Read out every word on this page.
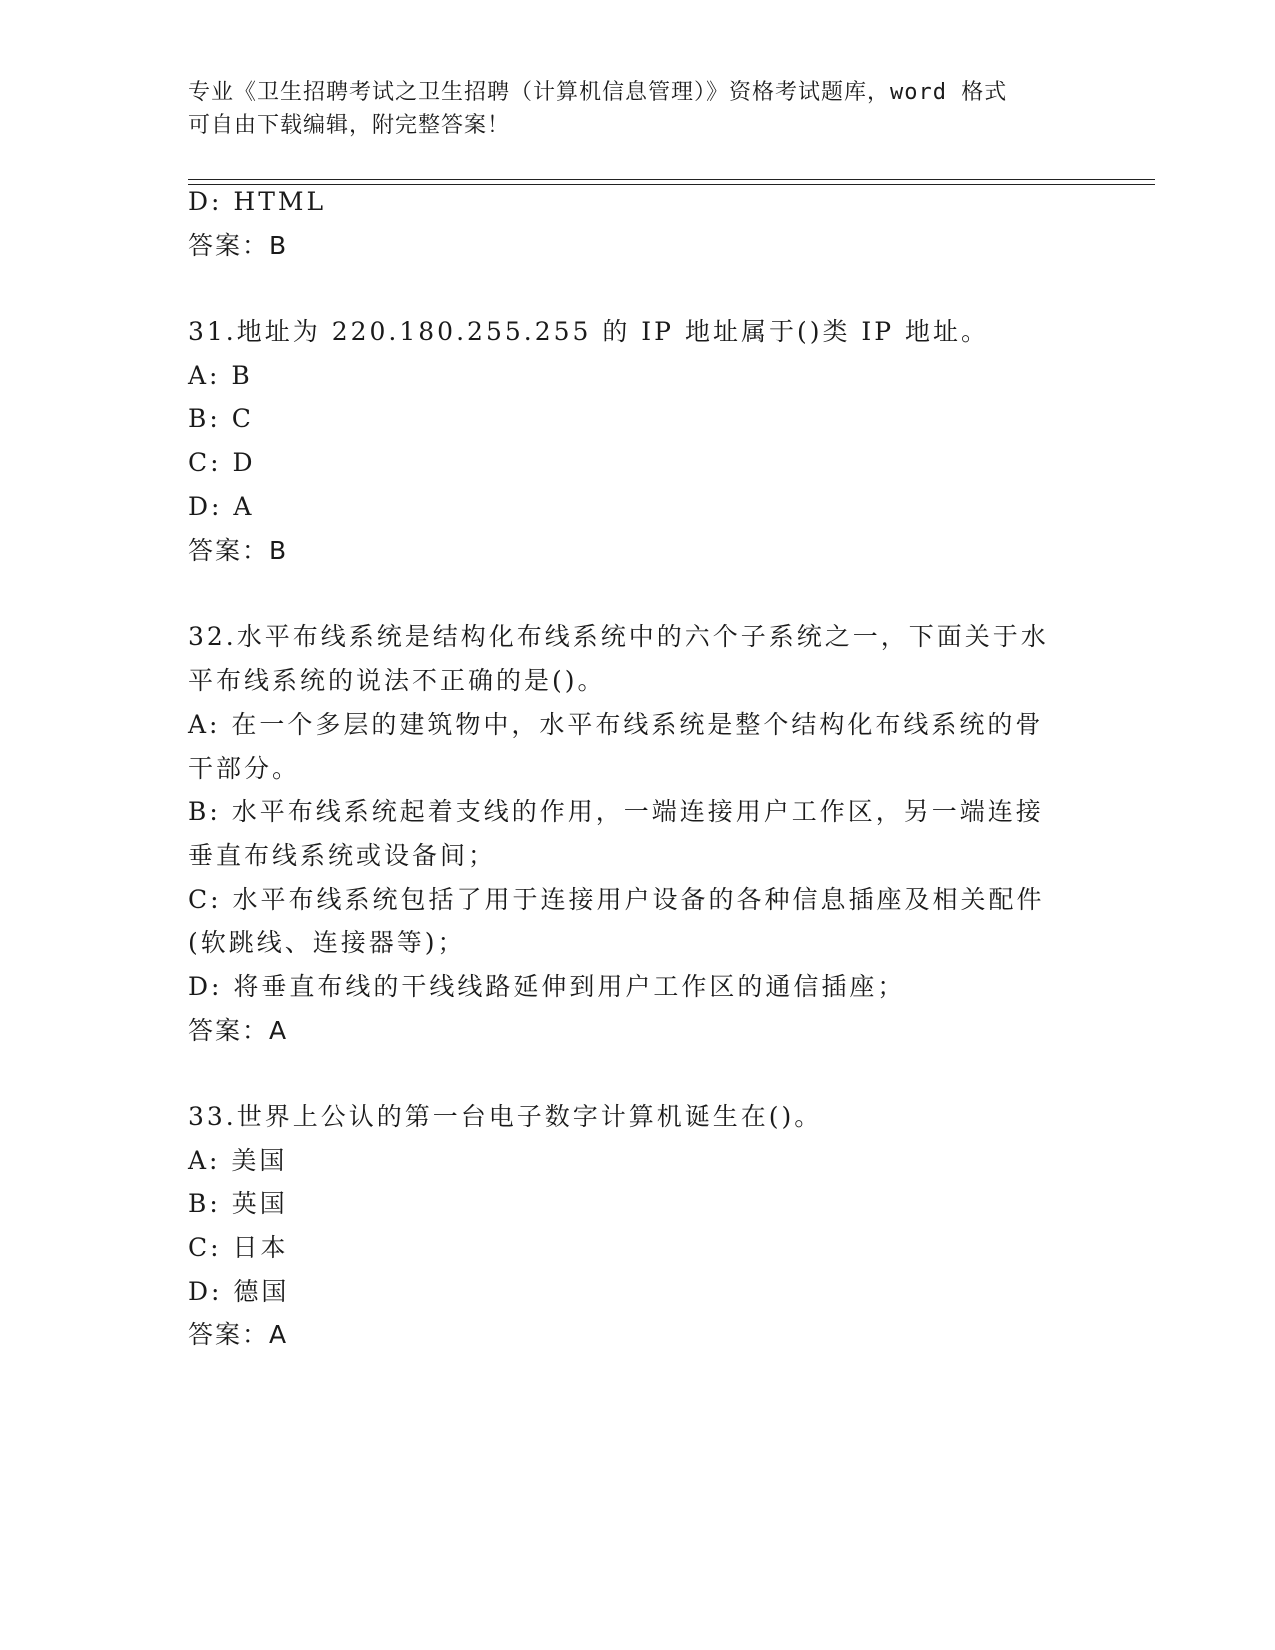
专业《卫生招聘考试之卫生招聘（计算机信息管理）》资格考试题库，word 格式
可自由下载编辑，附完整答案！
D: HTML
答案：B
31.地址为 220.180.255.255 的 IP 地址属于()类 IP 地址。
A: B
B: C
C: D
D: A
答案：B
32.水平布线系统是结构化布线系统中的六个子系统之一，下面关于水
平布线系统的说法不正确的是()。
A: 在一个多层的建筑物中，水平布线系统是整个结构化布线系统的骨
干部分。
B: 水平布线系统起着支线的作用，一端连接用户工作区，另一端连接
垂直布线系统或设备间；
C: 水平布线系统包括了用于连接用户设备的各种信息插座及相关配件
(软跳线、连接器等)；
D: 将垂直布线的干线线路延伸到用户工作区的通信插座；
答案：A
33.世界上公认的第一台电子数字计算机诞生在()。
A: 美国
B: 英国
C: 日本
D: 德国
答案：A
